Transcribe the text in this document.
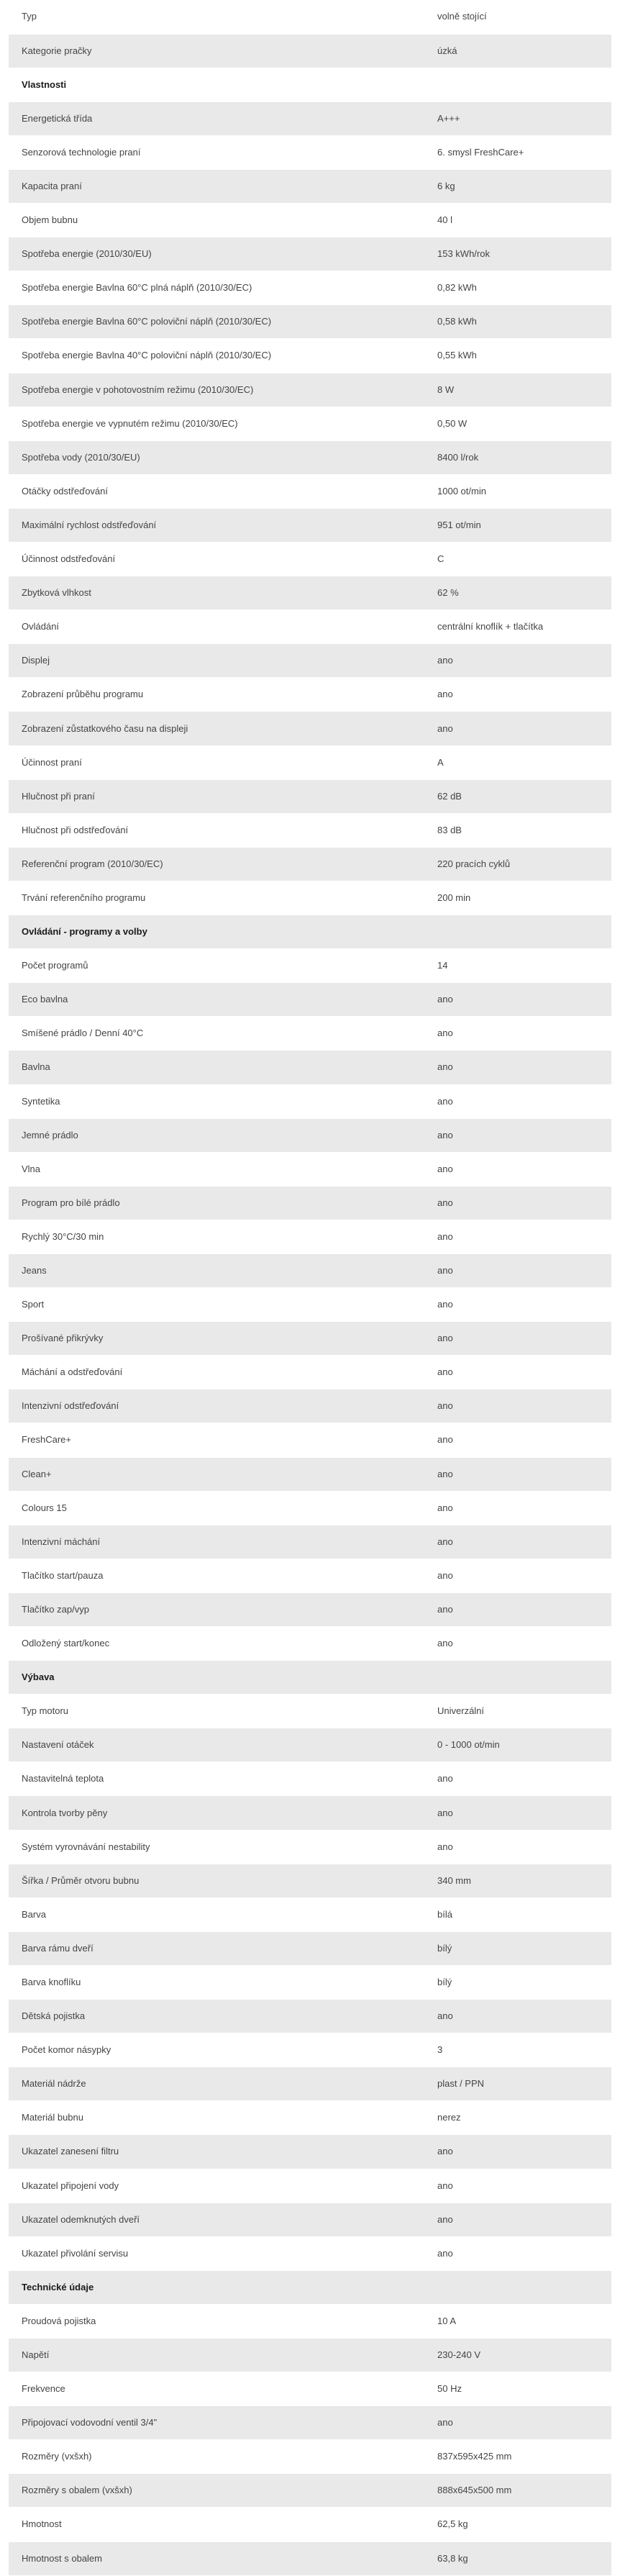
Typ	volně stojící
Kategorie pračky	úzká
Vlastnosti	
Energetická třída	A+++
Senzorová technologie praní	6. smysl FreshCare+
Kapacita praní	6 kg
Objem bubnu	40 l
Spotřeba energie (2010/30/EU)	153 kWh/rok
Spotřeba energie Bavlna 60°C plná náplň (2010/30/EC)	0,82 kWh
Spotřeba energie Bavlna 60°C poloviční náplň (2010/30/EC)	0,58 kWh
Spotřeba energie Bavlna 40°C poloviční náplň (2010/30/EC)	0,55 kWh
Spotřeba energie v pohotovostním režimu (2010/30/EC)	8 W
Spotřeba energie ve vypnutém režimu (2010/30/EC)	0,50 W
Spotřeba vody (2010/30/EU)	8400 l/rok
Otáčky odstřeďování	1000 ot/min
Maximální rychlost odstřeďování	951 ot/min
Účinnost odstřeďování	C
Zbytková vlhkost	62 %
Ovládání	centrální knoflík + tlačítka
Displej	ano
Zobrazení průběhu programu	ano
Zobrazení zůstatkového času na displeji	ano
Účinnost praní	A
Hlučnost při praní	62 dB
Hlučnost při odstřeďování	83 dB
Referenční program (2010/30/EC)	220 pracích cyklů
Trvání referenčního programu	200 min
Ovládání - programy a volby	
Počet programů	14
Eco bavlna	ano
Smíšené prádlo / Denní 40°C	ano
Bavlna	ano
Syntetika	ano
Jemné prádlo	ano
Vlna	ano
Program pro bílé prádlo	ano
Rychlý 30°C/30 min	ano
Jeans	ano
Sport	ano
Prošívané přikrývky	ano
Máchání a odstřeďování	ano
Intenzivní odstřeďování	ano
FreshCare+	ano
Clean+	ano
Colours 15	ano
Intenzivní máchání	ano
Tlačítko start/pauza	ano
Tlačítko zap/vyp	ano
Odložený start/konec	ano
Výbava	
Typ motoru	Univerzální
Nastavení otáček	0 - 1000 ot/min
Nastavitelná teplota	ano
Kontrola tvorby pěny	ano
Systém vyrovnávání nestability	ano
Šířka / Průměr otvoru bubnu	340 mm
Barva	bílá
Barva rámu dveří	bílý
Barva knoflíku	bílý
Dětská pojistka	ano
Počet komor násypky	3
Materiál nádrže	plast / PPN
Materiál bubnu	nerez
Ukazatel zanesení filtru	ano
Ukazatel připojení vody	ano
Ukazatel odemknutých dveří	ano
Ukazatel přivolání servisu	ano
Technické údaje	
Proudová pojistka	10 A
Napětí	230-240 V
Frekvence	50 Hz
Připojovací vodovodní ventil 3/4"	ano
Rozměry (vxšxh)	837x595x425 mm
Rozměry s obalem (vxšxh)	888x645x500 mm
Hmotnost	62,5 kg
Hmotnost s obalem	63,8 kg
